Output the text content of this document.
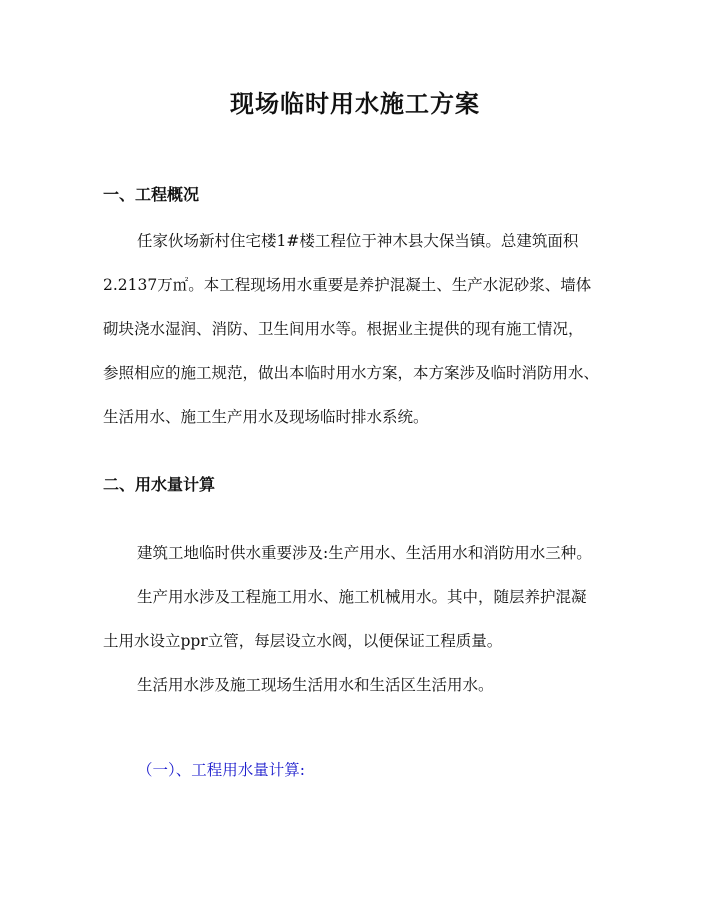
现场临时用水施工方案
一、工程概况
任家伙场新村住宅楼1#楼工程位于神木县大保当镇。总建筑面积
2.2137万㎡。本工程现场用水重要是养护混凝土、生产水泥砂浆、墙体
砌块浇水湿润、消防、卫生间用水等。根据业主提供的现有施工情况，
参照相应的施工规范，做出本临时用水方案，本方案涉及临时消防用水、
生活用水、施工生产用水及现场临时排水系统。
二、用水量计算
建筑工地临时供水重要涉及:生产用水、生活用水和消防用水三种。
生产用水涉及工程施工用水、施工机械用水。其中，随层养护混凝
土用水设立ppr立管，每层设立水阀，以便保证工程质量。
生活用水涉及施工现场生活用水和生活区生活用水。
（一）、工程用水量计算:
